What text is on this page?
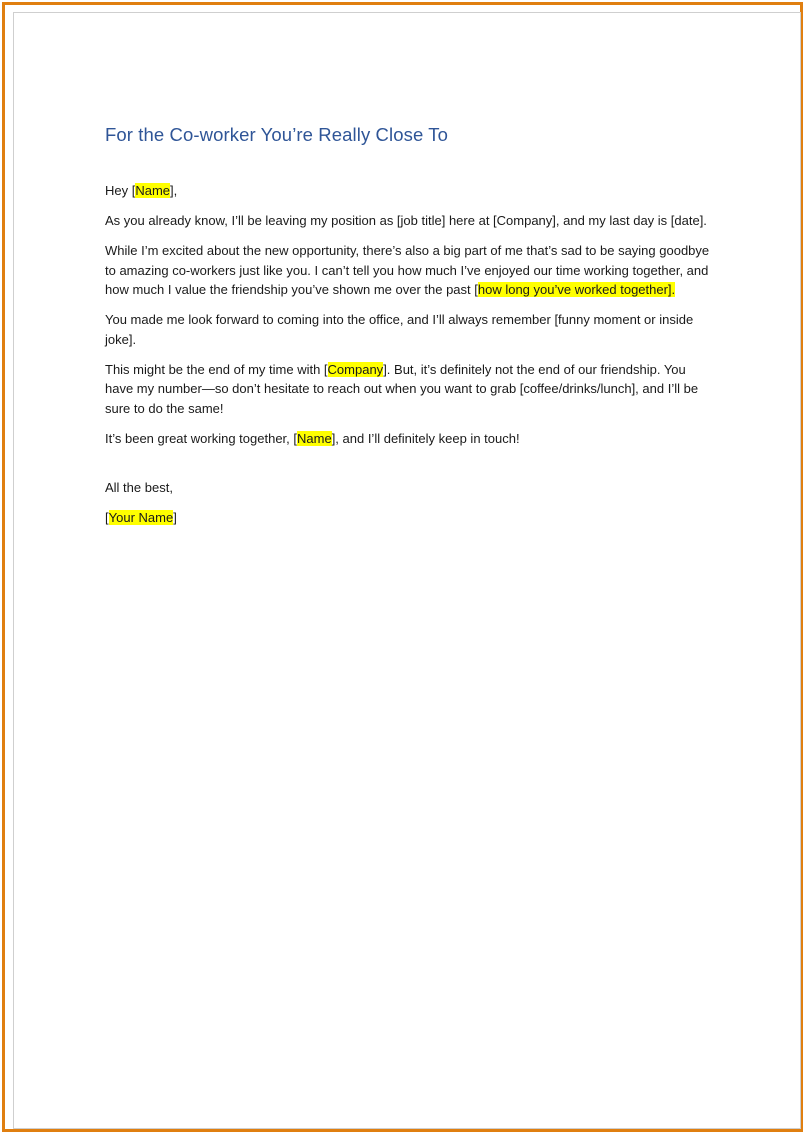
For the Co-worker You’re Really Close To

Hey [Name],

As you already know, I’ll be leaving my position as [job title] here at [Company], and my last day is [date].

While I’m excited about the new opportunity, there’s also a big part of me that’s sad to be saying goodbye to amazing co-workers just like you. I can’t tell you how much I’ve enjoyed our time working together, and how much I value the friendship you’ve shown me over the past [how long you’ve worked together].

You made me look forward to coming into the office, and I’ll always remember [funny moment or inside joke].

This might be the end of my time with [Company]. But, it’s definitely not the end of our friendship. You have my number—so don’t hesitate to reach out when you want to grab [coffee/drinks/lunch], and I’ll be sure to do the same!

It’s been great working together, [Name], and I’ll definitely keep in touch!

All the best,

[Your Name]
